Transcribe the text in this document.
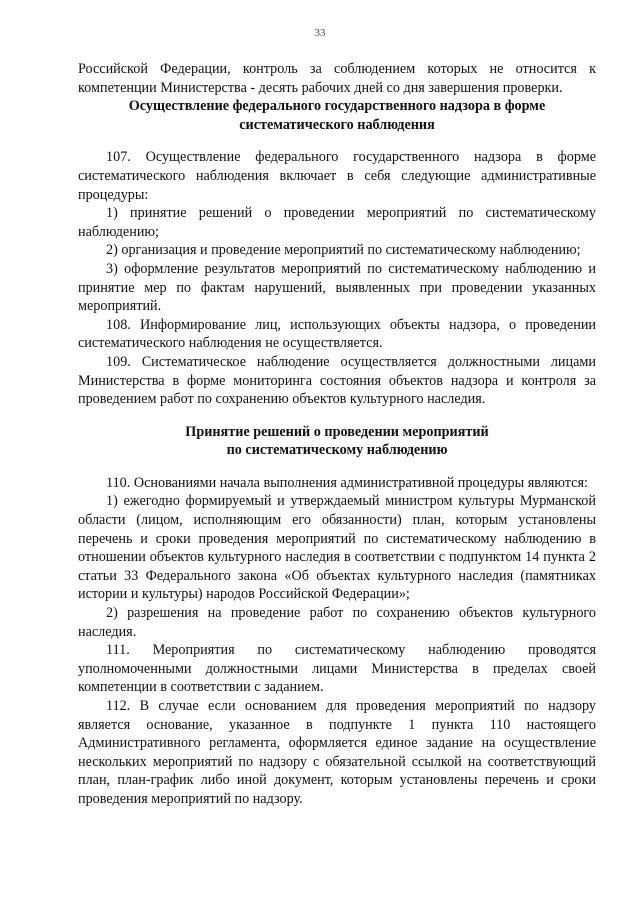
33

Российской Федерации, контроль за соблюдением которых не относится к компетенции Министерства - десять рабочих дней со дня завершения проверки.

Осуществление федерального государственного надзора в форме
систематического наблюдения

107. Осуществление федерального государственного надзора в форме систематического наблюдения включает в себя следующие административные процедуры:

1) принятие решений о проведении мероприятий по систематическому наблюдению;

2) организация и проведение мероприятий по систематическому наблюдению;

3) оформление результатов мероприятий по систематическому наблюдению и принятие мер по фактам нарушений, выявленных при проведении указанных мероприятий.

108. Информирование лиц, использующих объекты надзора, о проведении систематического наблюдения не осуществляется.

109. Систематическое наблюдение осуществляется должностными лицами Министерства в форме мониторинга состояния объектов надзора и контроля за проведением работ по сохранению объектов культурного наследия.

Принятие решений о проведении мероприятий
по систематическому наблюдению

110. Основаниями начала выполнения административной процедуры являются:

1) ежегодно формируемый и утверждаемый министром культуры Мурманской области (лицом, исполняющим его обязанности) план, которым установлены перечень и сроки проведения мероприятий по систематическому наблюдению в отношении объектов культурного наследия в соответствии с подпунктом 14 пункта 2 статьи 33 Федерального закона «Об объектах культурного наследия (памятниках истории и культуры) народов Российской Федерации»;

2) разрешения на проведение работ по сохранению объектов культурного наследия.

111. Мероприятия по систематическому наблюдению проводятся уполномоченными должностными лицами Министерства в пределах своей компетенции в соответствии с заданием.

112. В случае если основанием для проведения мероприятий по надзору является основание, указанное в подпункте 1 пункта 110 настоящего Административного регламента, оформляется единое задание на осуществление нескольких мероприятий по надзору с обязательной ссылкой на соответствующий план, план-график либо иной документ, которым установлены перечень и сроки проведения мероприятий по надзору.
